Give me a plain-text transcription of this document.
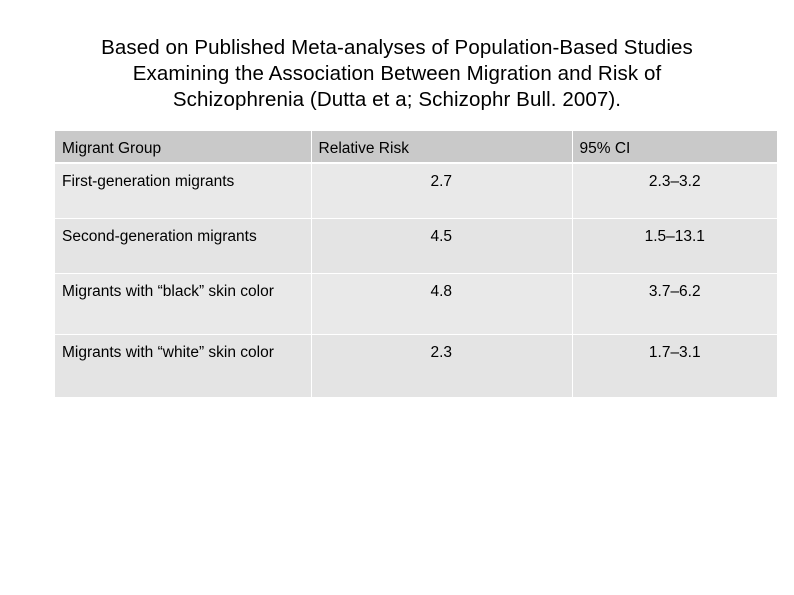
Based on Published Meta-analyses of Population-Based Studies
Examining the Association Between Migration and Risk of
Schizophrenia (Dutta et a; Schizophr Bull. 2007).
Migrant Group	Relative Risk	95% CI
First-generation migrants	2.7	2.3–3.2
Second-generation migrants	4.5	1.5–13.1
Migrants with “black” skin color	4.8	3.7–6.2
Migrants with “white” skin color	2.3	1.7–3.1
